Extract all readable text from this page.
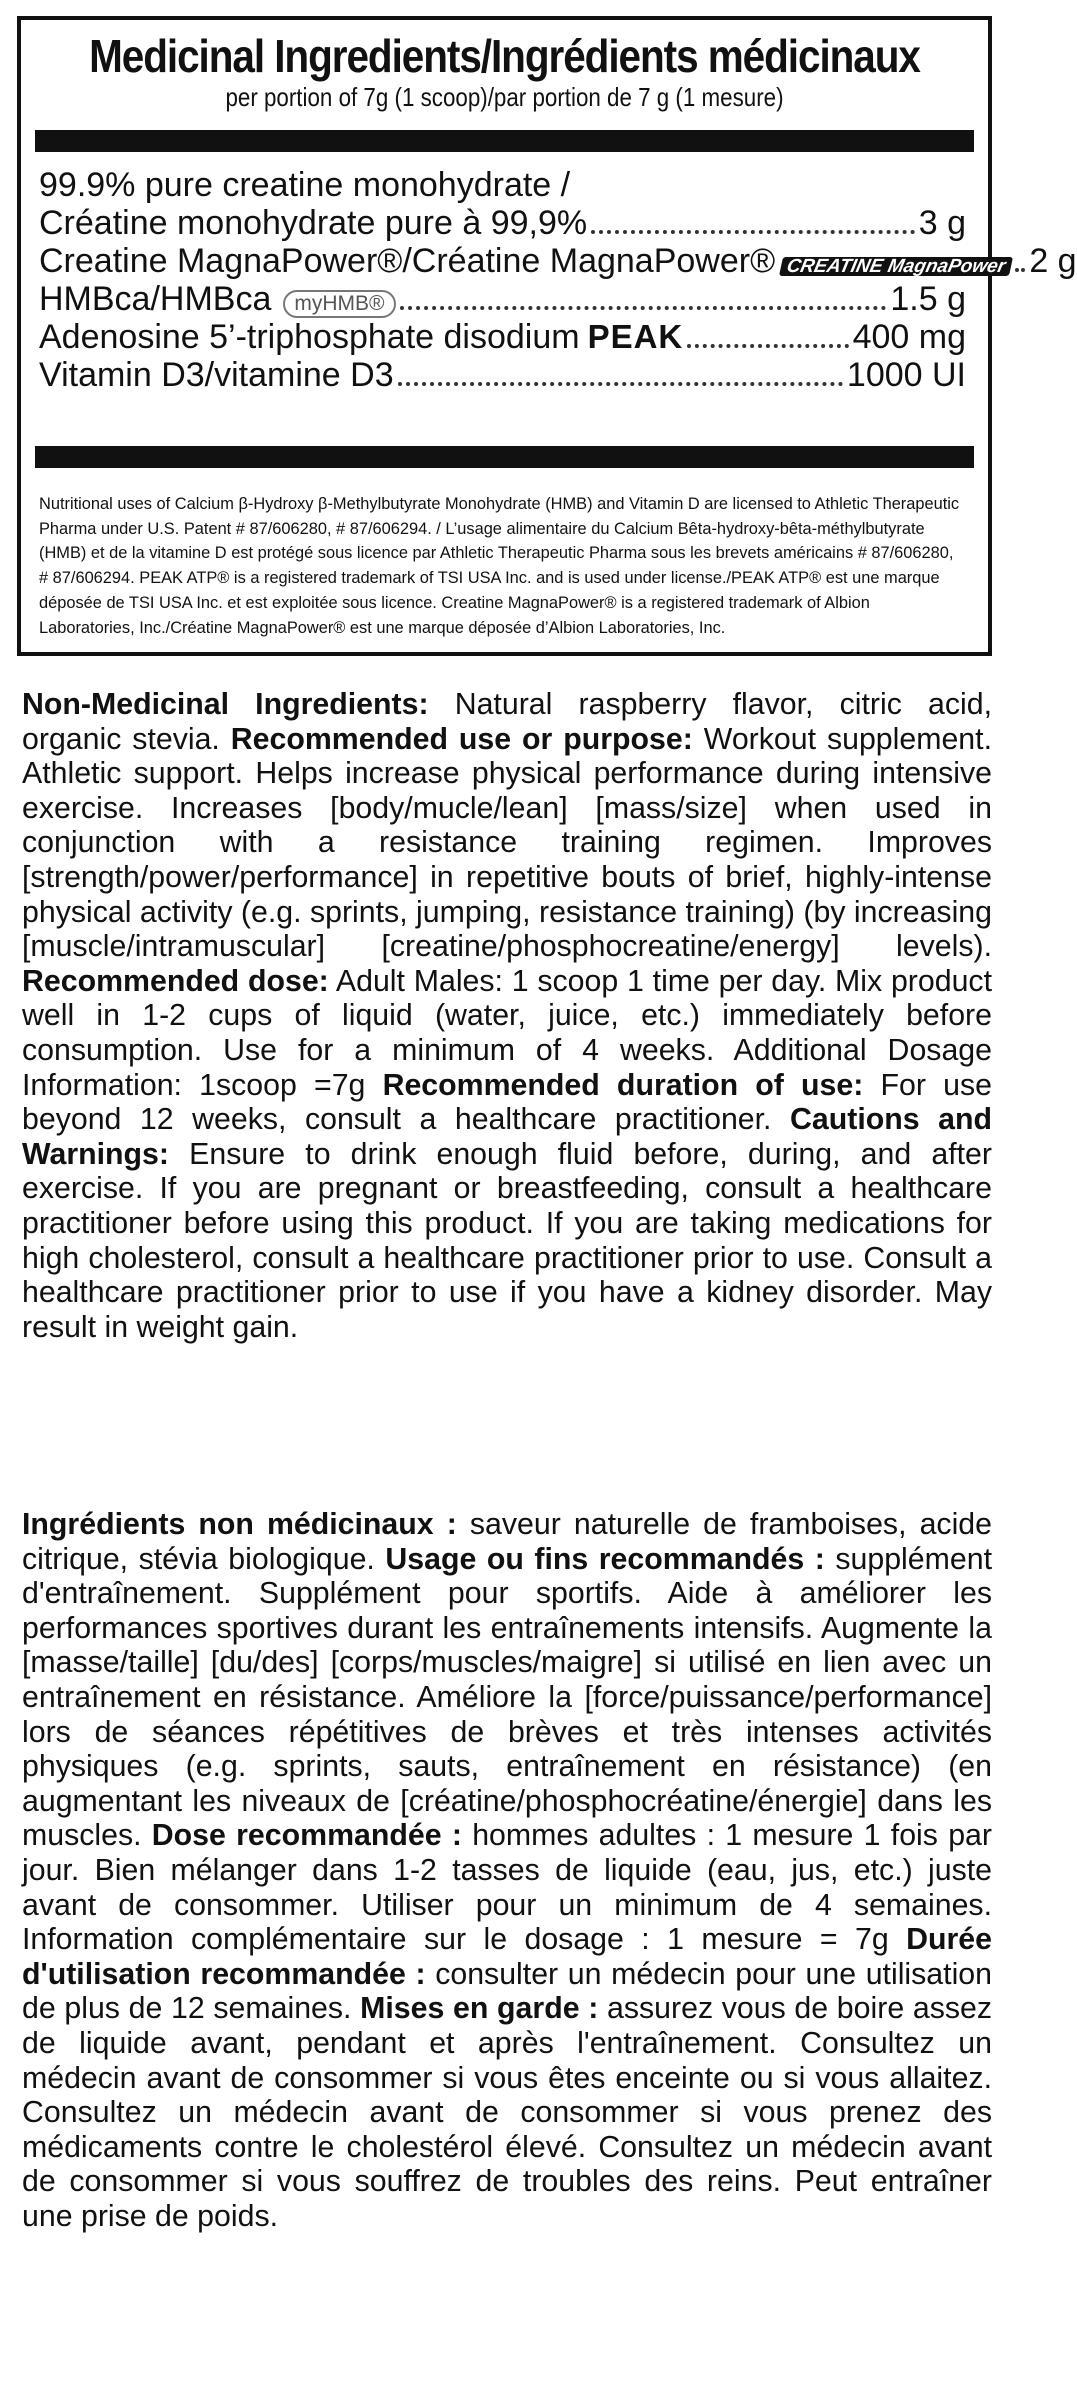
Medicinal Ingredients/Ingrédients médicinaux
per portion of 7g (1 scoop)/par portion de 7 g (1 mesure)
99.9% pure creatine monohydrate /
Créatine monohydrate pure à 99,9%	3 g
Creatine MagnaPower®/Créatine MagnaPower® CREATINE MagnaPower 2 g
HMBca/HMBca	myHMB®	1.5 g
Adenosine 5’-triphosphate disodium PEAK	400 mg
Vitamin D3/vitamine D3	1000 UI
Nutritional uses of Calcium β-Hydroxy β-Methylbutyrate Monohydrate (HMB) and Vitamin D are licensed to Athletic Therapeutic Pharma under U.S. Patent # 87/606280, # 87/606294. / L’usage alimentaire du Calcium Bêta-hydroxy-bêta-méthylbutyrate (HMB) et de la vitamine D est protégé sous licence par Athletic Therapeutic Pharma sous les brevets américains # 87/606280, # 87/606294. PEAK ATP® is a registered trademark of TSI USA Inc. and is used under license./PEAK ATP® est une marque déposée de TSI USA Inc. et est exploitée sous licence. Creatine MagnaPower® is a registered trademark of Albion Laboratories, Inc./Créatine MagnaPower® est une marque déposée d’Albion Laboratories, Inc.
Non-Medicinal Ingredients: Natural raspberry flavor, citric acid, organic stevia. Recommended use or purpose: Workout supplement. Athletic support. Helps increase physical performance during intensive exercise. Increases [body/mucle/lean] [mass/size] when used in conjunction with a resistance training regimen. Improves [strength/power/performance] in repetitive bouts of brief, highly-intense physical activity (e.g. sprints, jumping, resistance training) (by increasing [muscle/intramuscular] [creatine/phosphocreatine/energy] levels). Recommended dose: Adult Males: 1 scoop 1 time per day. Mix product well in 1-2 cups of liquid (water, juice, etc.) immediately before consumption. Use for a minimum of 4 weeks. Additional Dosage Information: 1scoop =7g Recommended duration of use: For use beyond 12 weeks, consult a healthcare practitioner. Cautions and Warnings: Ensure to drink enough fluid before, during, and after exercise. If you are pregnant or breastfeeding, consult a healthcare practitioner before using this product. If you are taking medications for high cholesterol, consult a healthcare practitioner prior to use. Consult a healthcare practitioner prior to use if you have a kidney disorder. May result in weight gain.
Ingrédients non médicinaux : saveur naturelle de framboises, acide citrique, stévia biologique. Usage ou fins recommandés : supplément d'entraînement. Supplément pour sportifs. Aide à améliorer les performances sportives durant les entraînements intensifs. Augmente la [masse/taille] [du/des] [corps/muscles/maigre] si utilisé en lien avec un entraînement en résistance. Améliore la [force/puissance/performance] lors de séances répétitives de brèves et très intenses activités physiques (e.g. sprints, sauts, entraînement en résistance) (en augmentant les niveaux de [créatine/phosphocréatine/énergie] dans les muscles. Dose recommandée : hommes adultes : 1 mesure 1 fois par jour. Bien mélanger dans 1-2 tasses de liquide (eau, jus, etc.) juste avant de consommer. Utiliser pour un minimum de 4 semaines. Information complémentaire sur le dosage : 1 mesure = 7g Durée d'utilisation recommandée : consulter un médecin pour une utilisation de plus de 12 semaines. Mises en garde : assurez vous de boire assez de liquide avant, pendant et après l'entraînement. Consultez un médecin avant de consommer si vous êtes enceinte ou si vous allaitez. Consultez un médecin avant de consommer si vous prenez des médicaments contre le cholestérol élevé. Consultez un médecin avant de consommer si vous souffrez de troubles des reins. Peut entraîner une prise de poids.
